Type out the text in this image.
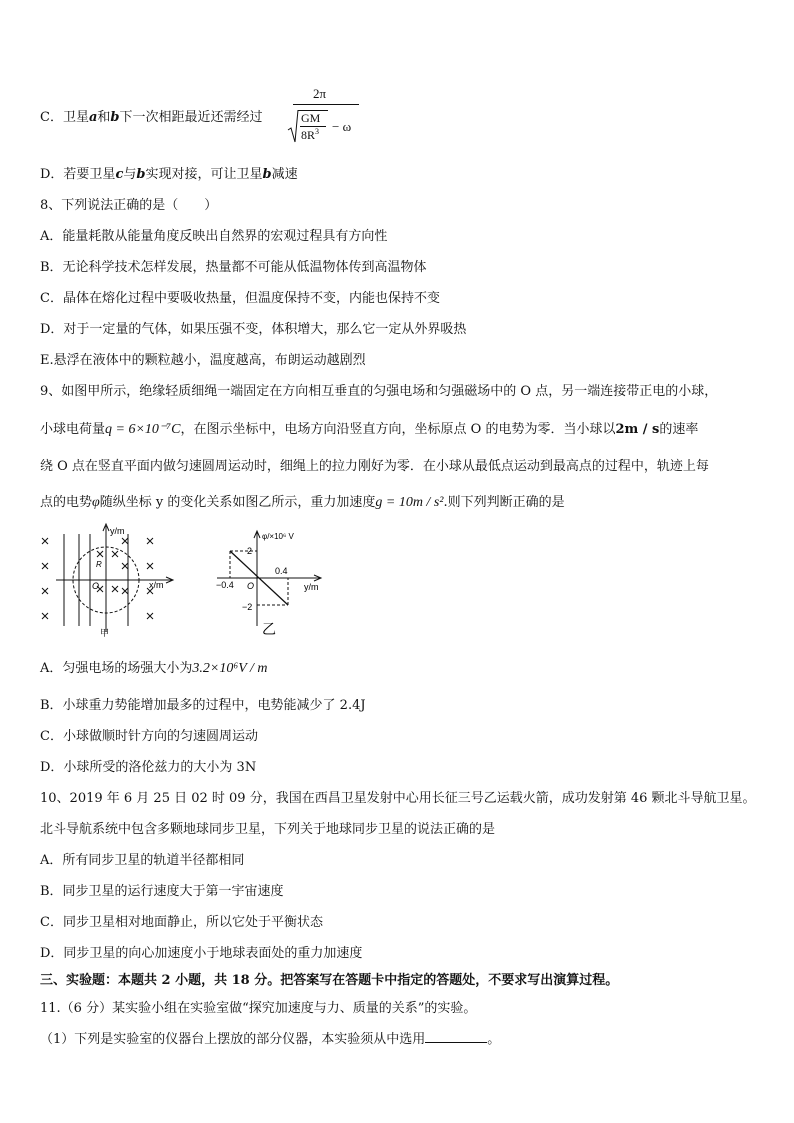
C．卫星a和b下一次相距最近还需经过
2π
GM
$8R^3 - \omega$
D．若要卫星c与b实现对接，可让卫星b减速
8、下列说法正确的是（　　）
A．能量耗散从能量角度反映出自然界的宏观过程具有方向性
B．无论科学技术怎样发展，热量都不可能从低温物体传到高温物体
C．晶体在熔化过程中要吸收热量，但温度保持不变，内能也保持不变
D．对于一定量的气体，如果压强不变，体积增大，那么它一定从外界吸热
E.悬浮在液体中的颗粒越小，温度越高，布朗运动越剧烈
9、如图甲所示，绝缘轻质细绳一端固定在方向相互垂直的匀强电场和匀强磁场中的 O 点，另一端连接带正电的小球，
小球电荷量q = 6×10⁻⁷C，在图示坐标中，电场方向沿竖直方向，坐标原点 O 的电势为零．当小球以2m / s的速率
绕 O 点在竖直平面内做匀速圆周运动时，细绳上的拉力刚好为零．在小球从最低点运动到最高点的过程中，轨迹上每
点的电势φ随纵坐标 y 的变化关系如图乙所示，重力加速度g = 10m / s².则下列判断正确的是
y/m
x/m
O
R
甲
φ/×10⁶ V
2
−2
−0.4
0.4
O	y/m
乙
A．匀强电场的场强大小为3.2×10⁶V / m
B．小球重力势能增加最多的过程中，电势能减少了 2.4J
C．小球做顺时针方向的匀速圆周运动
D．小球所受的洛伦兹力的大小为 3N
10、2019 年 6 月 25 日 02 时 09 分，我国在西昌卫星发射中心用长征三号乙运载火箭，成功发射第 46 颗北斗导航卫星。
北斗导航系统中包含多颗地球同步卫星，下列关于地球同步卫星的说法正确的是
A．所有同步卫星的轨道半径都相同
B．同步卫星的运行速度大于第一宇宙速度
C．同步卫星相对地面静止，所以它处于平衡状态
D．同步卫星的向心加速度小于地球表面处的重力加速度
三、实验题：本题共 2 小题，共 18 分。把答案写在答题卡中指定的答题处，不要求写出演算过程。
11.（6 分）某实验小组在实验室做“探究加速度与力、质量的关系”的实验。
（1）下列是实验室的仪器台上摆放的部分仪器，本实验须从中选用	。
